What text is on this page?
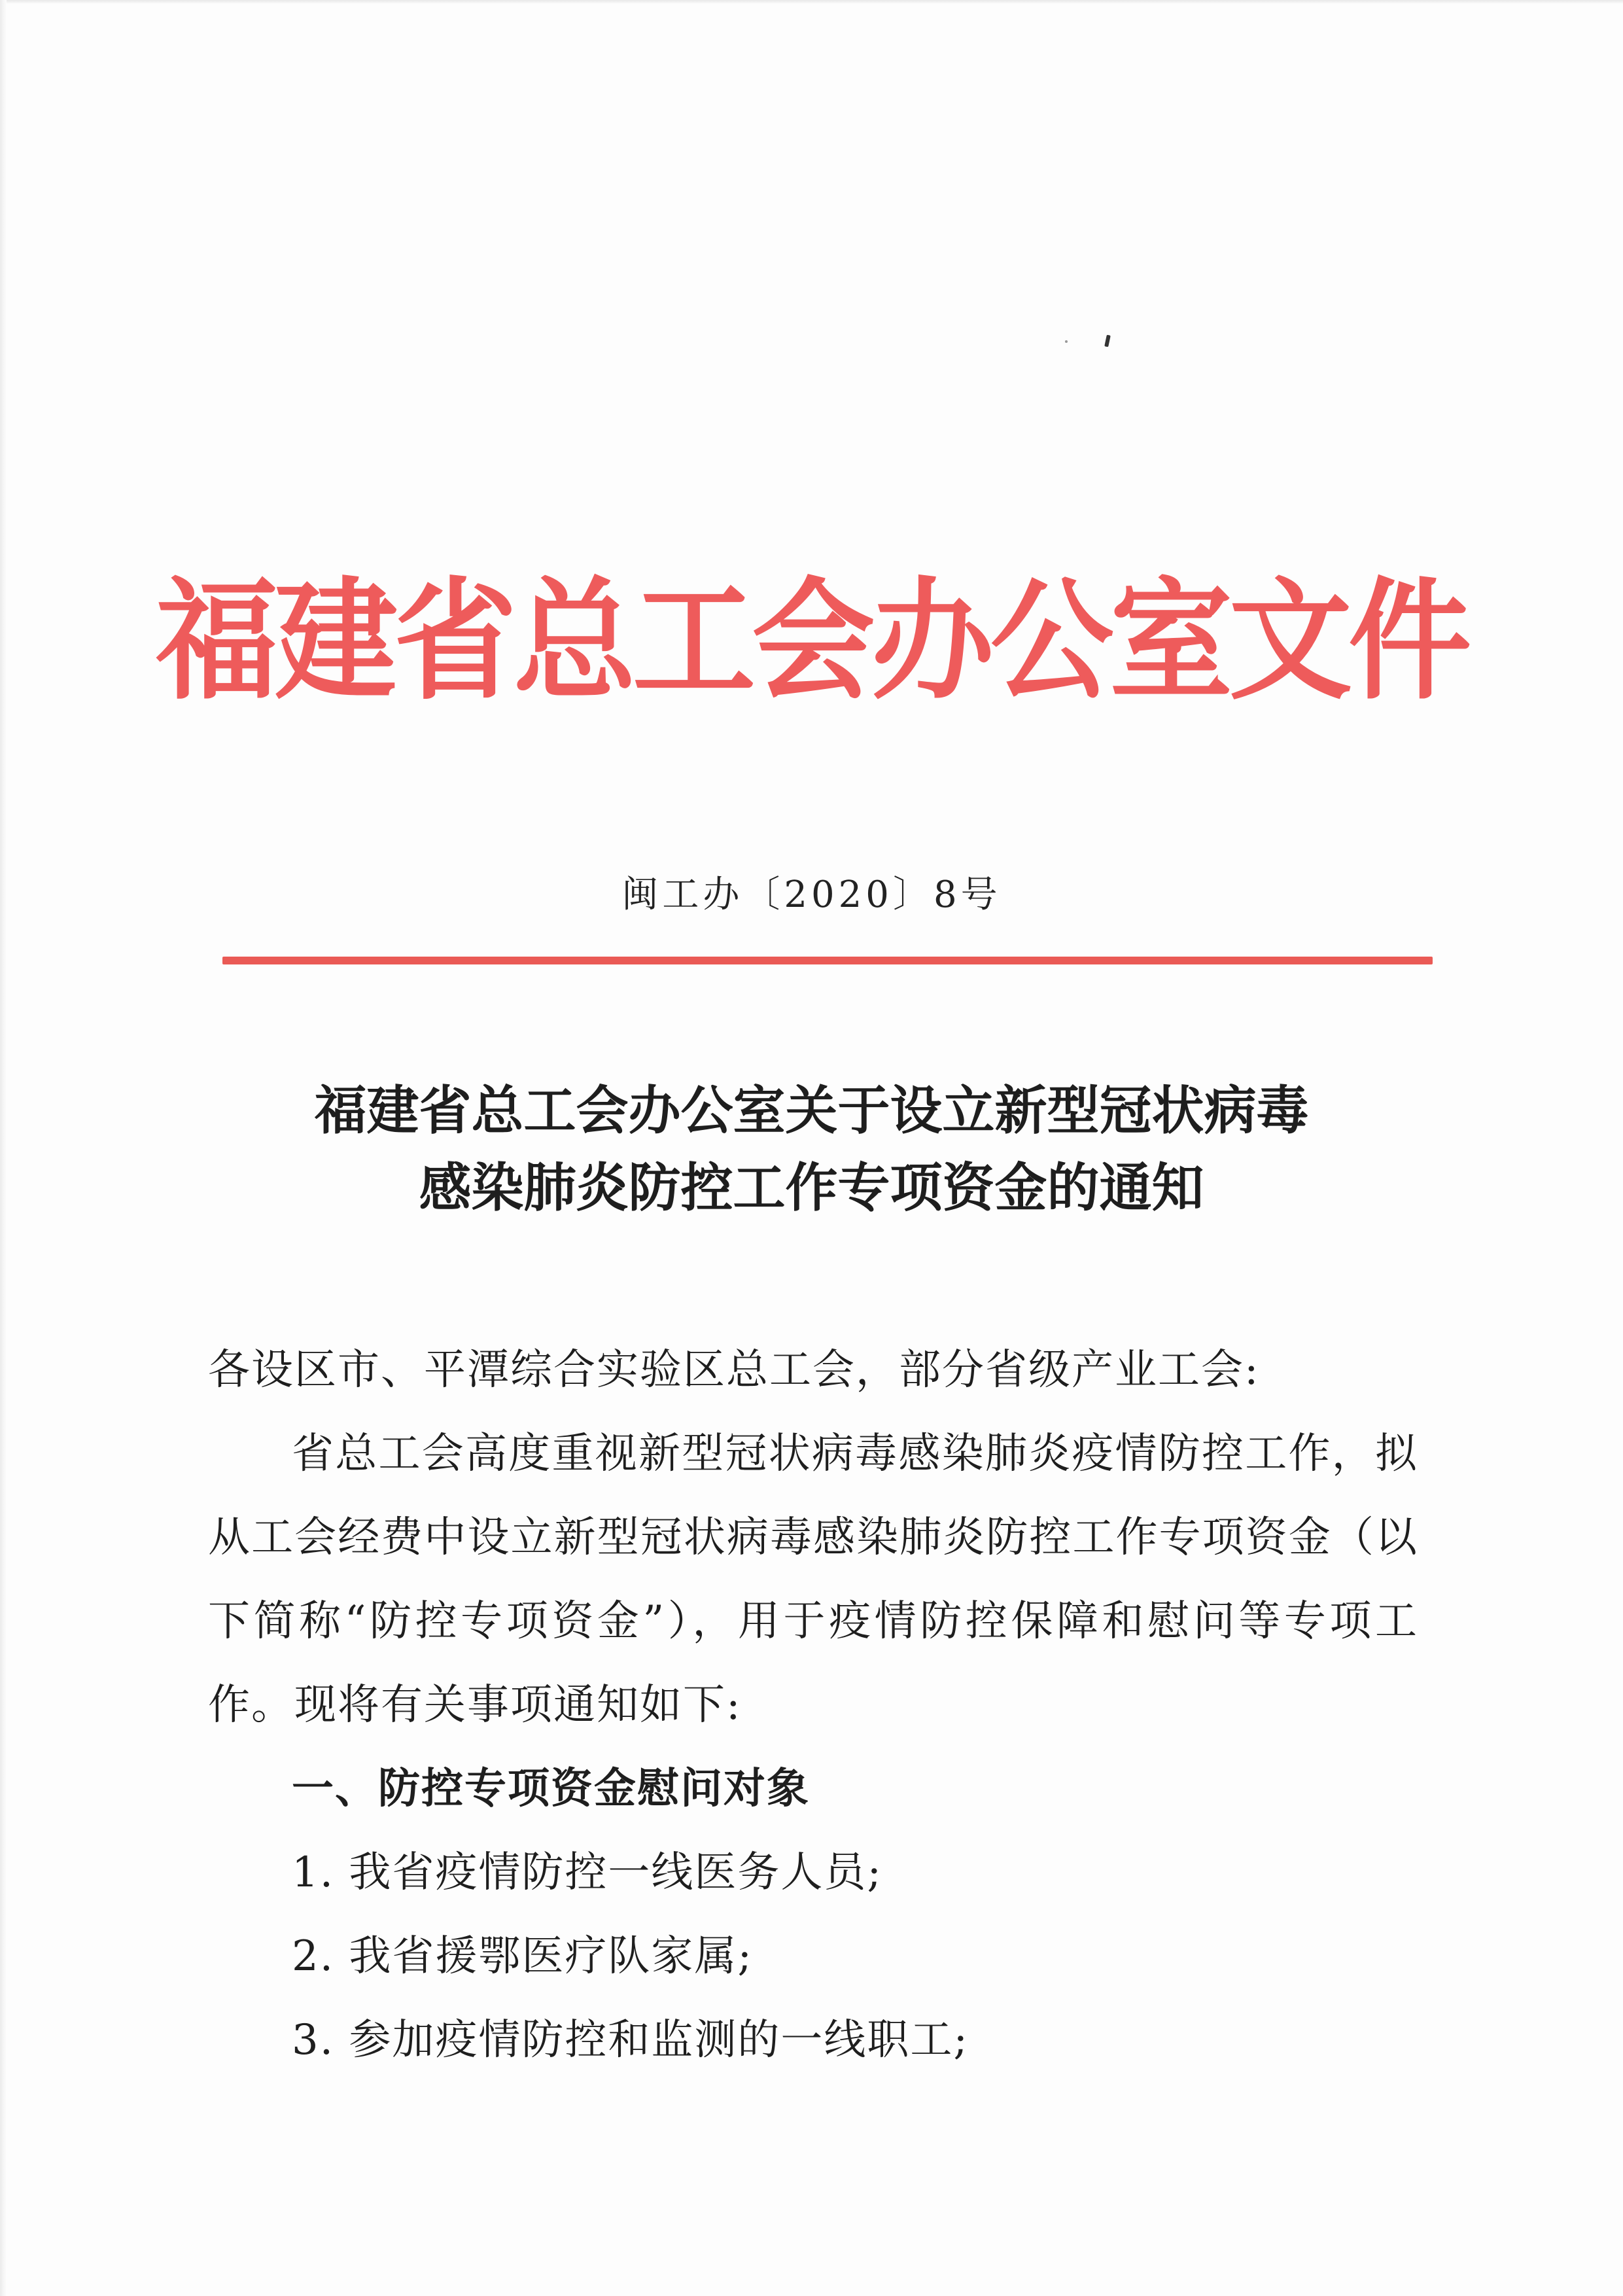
福建省总工会办公室文件
闽工办〔2020〕8号
福建省总工会办公室关于设立新型冠状病毒
感染肺炎防控工作专项资金的通知
各设区市、平潭综合实验区总工会，部分省级产业工会:
省总工会高度重视新型冠状病毒感染肺炎疫情防控工作，拟从工会经费中设立新型冠状病毒感染肺炎防控工作专项资金（以下简称“防控专项资金”），用于疫情防控保障和慰问等专项工作。现将有关事项通知如下:
一、防控专项资金慰问对象
1. 我省疫情防控一线医务人员;
2. 我省援鄂医疗队家属;
3. 参加疫情防控和监测的一线职工;
